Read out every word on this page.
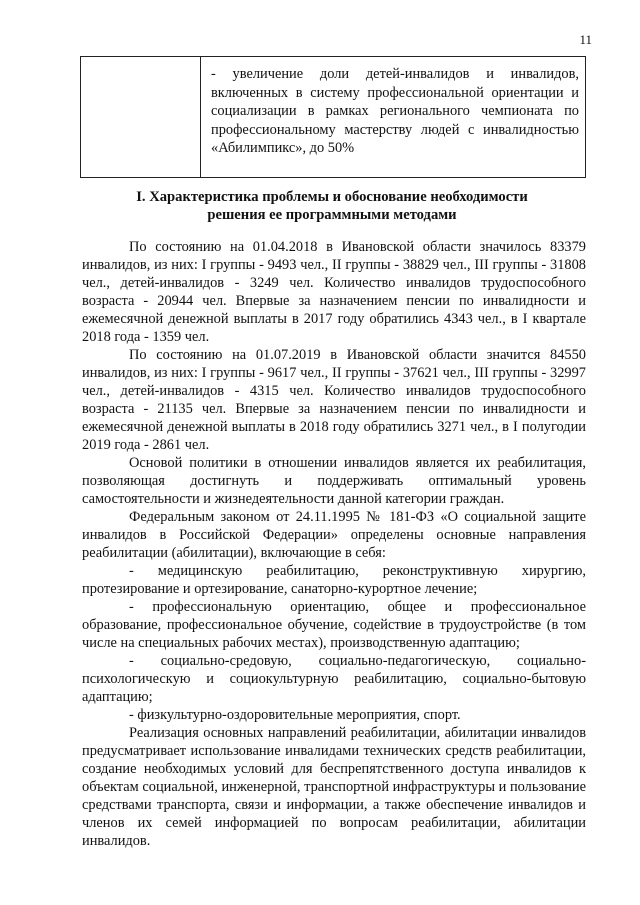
11
	- увеличение доли детей-инвалидов и инвалидов, включенных в систему профессиональной ориентации и социализации в рамках регионального чемпионата по профессиональному мастерству людей с инвалидностью «Абилимпикс», до 50%
I. Характеристика проблемы и обоснование необходимости
решения ее программными методами

По состоянию на 01.04.2018 в Ивановской области значилось 83379 инвалидов, из них: I группы - 9493 чел., II группы - 38829 чел., III группы - 31808 чел., детей-инвалидов - 3249 чел. Количество инвалидов трудоспособного возраста - 20944 чел. Впервые за назначением пенсии по инвалидности и ежемесячной денежной выплаты в 2017 году обратились 4343 чел., в I квартале 2018 года - 1359 чел.

По состоянию на 01.07.2019 в Ивановской области значится 84550 инвалидов, из них: I группы - 9617 чел., II группы - 37621 чел., III группы - 32997 чел., детей-инвалидов - 4315 чел. Количество инвалидов трудоспособного возраста - 21135 чел. Впервые за назначением пенсии по инвалидности и ежемесячной денежной выплаты в 2018 году обратились 3271 чел., в I полугодии 2019 года - 2861 чел.

Основой политики в отношении инвалидов является их реабилитация, позволяющая достигнуть и поддерживать оптимальный уровень самостоятельности и жизнедеятельности данной категории граждан.

Федеральным законом от 24.11.1995 № 181-ФЗ «О социальной защите инвалидов в Российской Федерации» определены основные направления реабилитации (абилитации), включающие в себя:

- медицинскую реабилитацию, реконструктивную хирургию, протезирование и ортезирование, санаторно-курортное лечение;

- профессиональную ориентацию, общее и профессиональное образование, профессиональное обучение, содействие в трудоустройстве (в том числе на специальных рабочих местах), производственную адаптацию;

- социально-средовую, социально-педагогическую, социально-психологическую и социокультурную реабилитацию, социально-бытовую адаптацию;

- физкультурно-оздоровительные мероприятия, спорт.

Реализация основных направлений реабилитации, абилитации инвалидов предусматривает использование инвалидами технических средств реабилитации, создание необходимых условий для беспрепятственного доступа инвалидов к объектам социальной, инженерной, транспортной инфраструктуры и пользование средствами транспорта, связи и информации, а также обеспечение инвалидов и членов их семей информацией по вопросам реабилитации, абилитации инвалидов.
